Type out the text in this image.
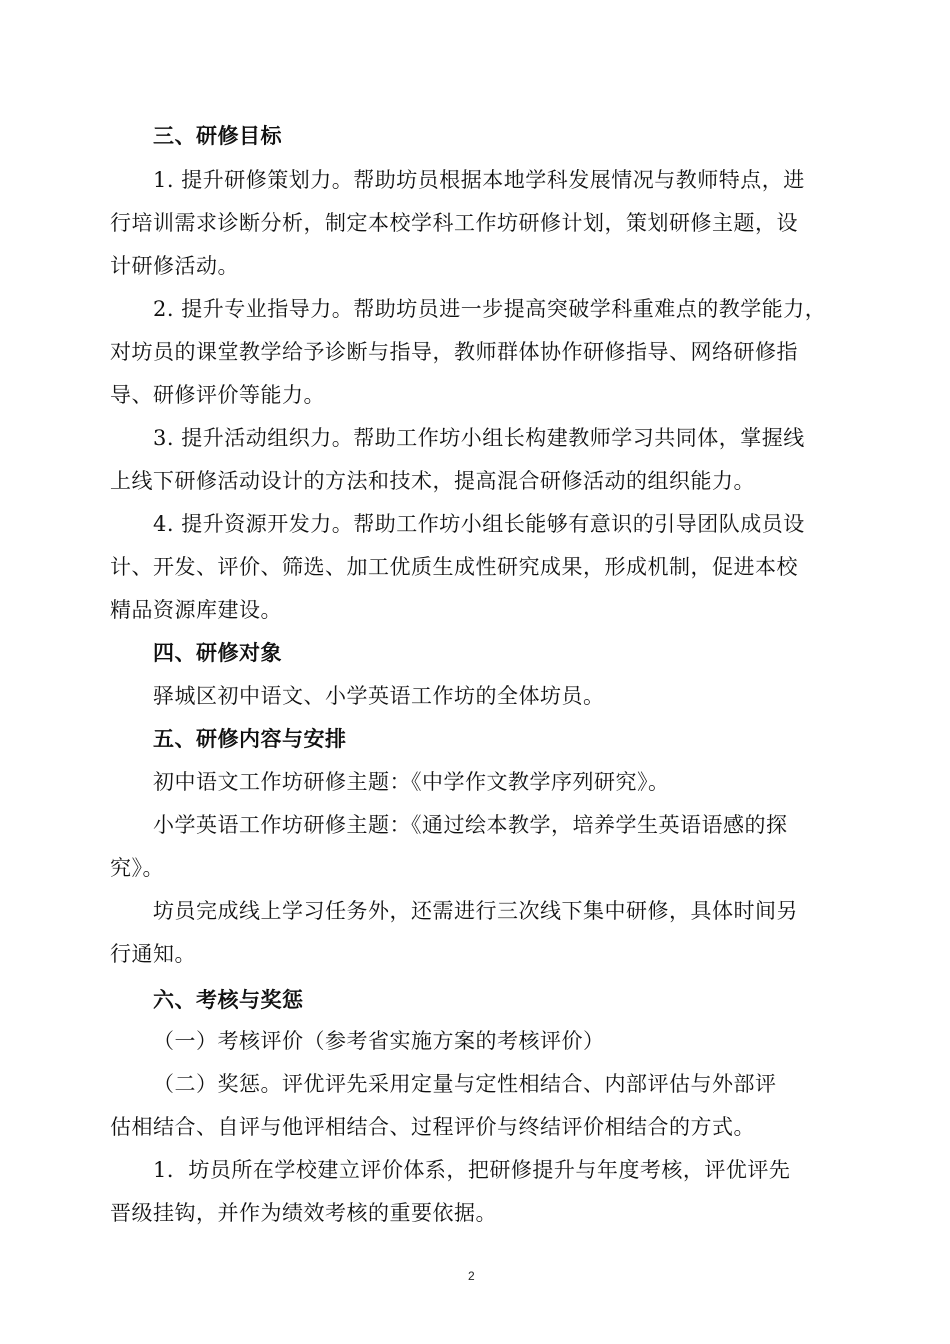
三、研修目标
1. 提升研修策划力。帮助坊员根据本地学科发展情况与教师特点，进
行培训需求诊断分析，制定本校学科工作坊研修计划，策划研修主题，设
计研修活动。
2. 提升专业指导力。帮助坊员进一步提高突破学科重难点的教学能力，
对坊员的课堂教学给予诊断与指导，教师群体协作研修指导、网络研修指
导、研修评价等能力。
3. 提升活动组织力。帮助工作坊小组长构建教师学习共同体，掌握线
上线下研修活动设计的方法和技术，提高混合研修活动的组织能力。
4. 提升资源开发力。帮助工作坊小组长能够有意识的引导团队成员设
计、开发、评价、筛选、加工优质生成性研究成果，形成机制，促进本校
精品资源库建设。
四、研修对象
驿城区初中语文、小学英语工作坊的全体坊员。
五、研修内容与安排
初中语文工作坊研修主题：《中学作文教学序列研究》。
小学英语工作坊研修主题：《通过绘本教学，培养学生英语语感的探
究》。
坊员完成线上学习任务外，还需进行三次线下集中研修，具体时间另
行通知。
六、考核与奖惩
（一）考核评价（参考省实施方案的考核评价）
（二）奖惩。评优评先采用定量与定性相结合、内部评估与外部评
估相结合、自评与他评相结合、过程评价与终结评价相结合的方式。
1．坊员所在学校建立评价体系，把研修提升与年度考核，评优评先
晋级挂钩，并作为绩效考核的重要依据。
2
